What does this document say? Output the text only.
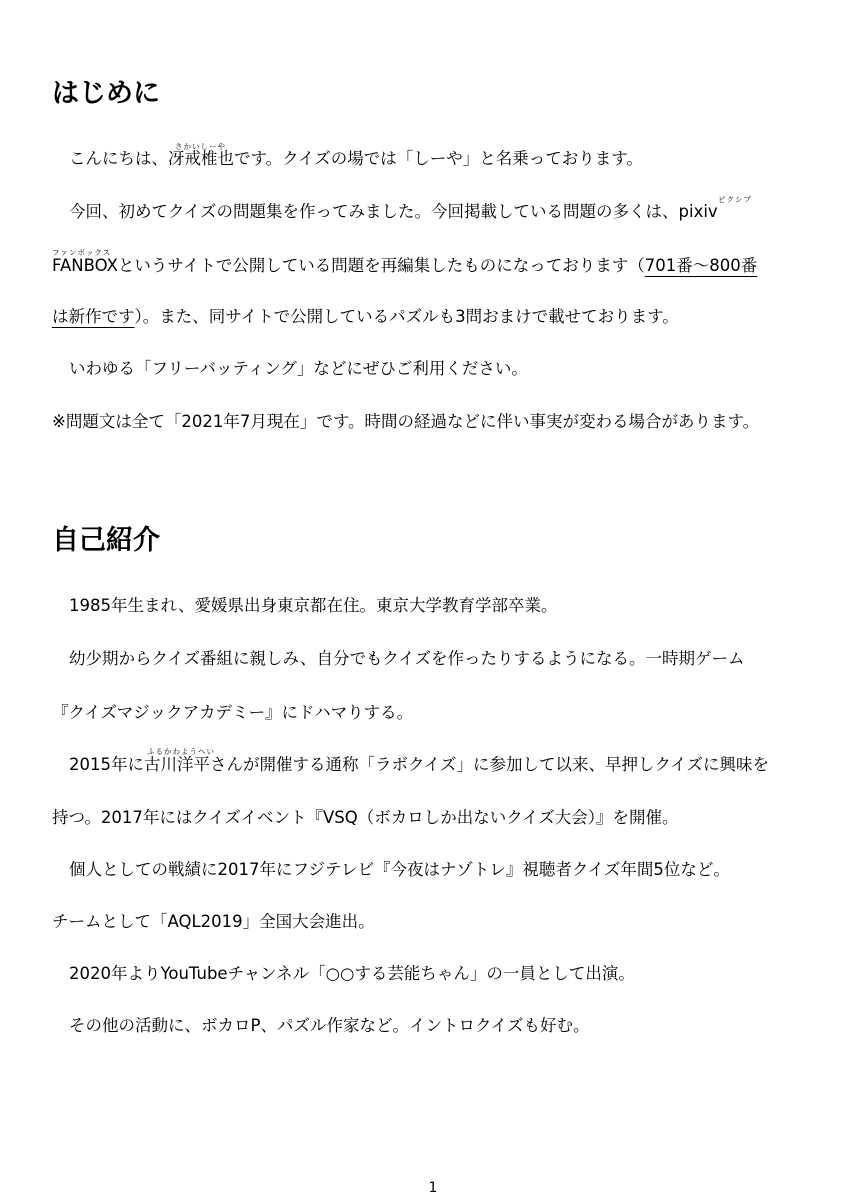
はじめに
さかいしーや

こんにちは、冴戒椎也です。クイズの場では「しーや」と名乗っております。

ピクシブ

今回、初めてクイズの問題集を作ってみました。今回掲載している問題の多くは、pixiv

ファンボックス

FANBOXというサイトで公開している問題を再編集したものになっております（701番～800番

は新作です）。また、同サイトで公開しているパズルも3問おまけで載せております。

いわゆる「フリーバッティング」などにぜひご利用ください。

※問題文は全て「2021年7月現在」です。時間の経過などに伴い事実が変わる場合があります。

自己紹介

1985年生まれ、愛媛県出身東京都在住。東京大学教育学部卒業。

幼少期からクイズ番組に親しみ、自分でもクイズを作ったりするようになる。一時期ゲーム

『クイズマジックアカデミー』にドハマりする。

ふるかわようへい

2015年に古川洋平さんが開催する通称「ラボクイズ」に参加して以来、早押しクイズに興味を

持つ。2017年にはクイズイベント『VSQ（ボカロしか出ないクイズ大会）』を開催。

個人としての戦績に2017年にフジテレビ『今夜はナゾトレ』視聴者クイズ年間5位など。

チームとして「AQL2019」全国大会進出。

2020年よりYouTubeチャンネル「○○する芸能ちゃん」の一員として出演。

その他の活動に、ボカロP、パズル作家など。イントロクイズも好む。

1
